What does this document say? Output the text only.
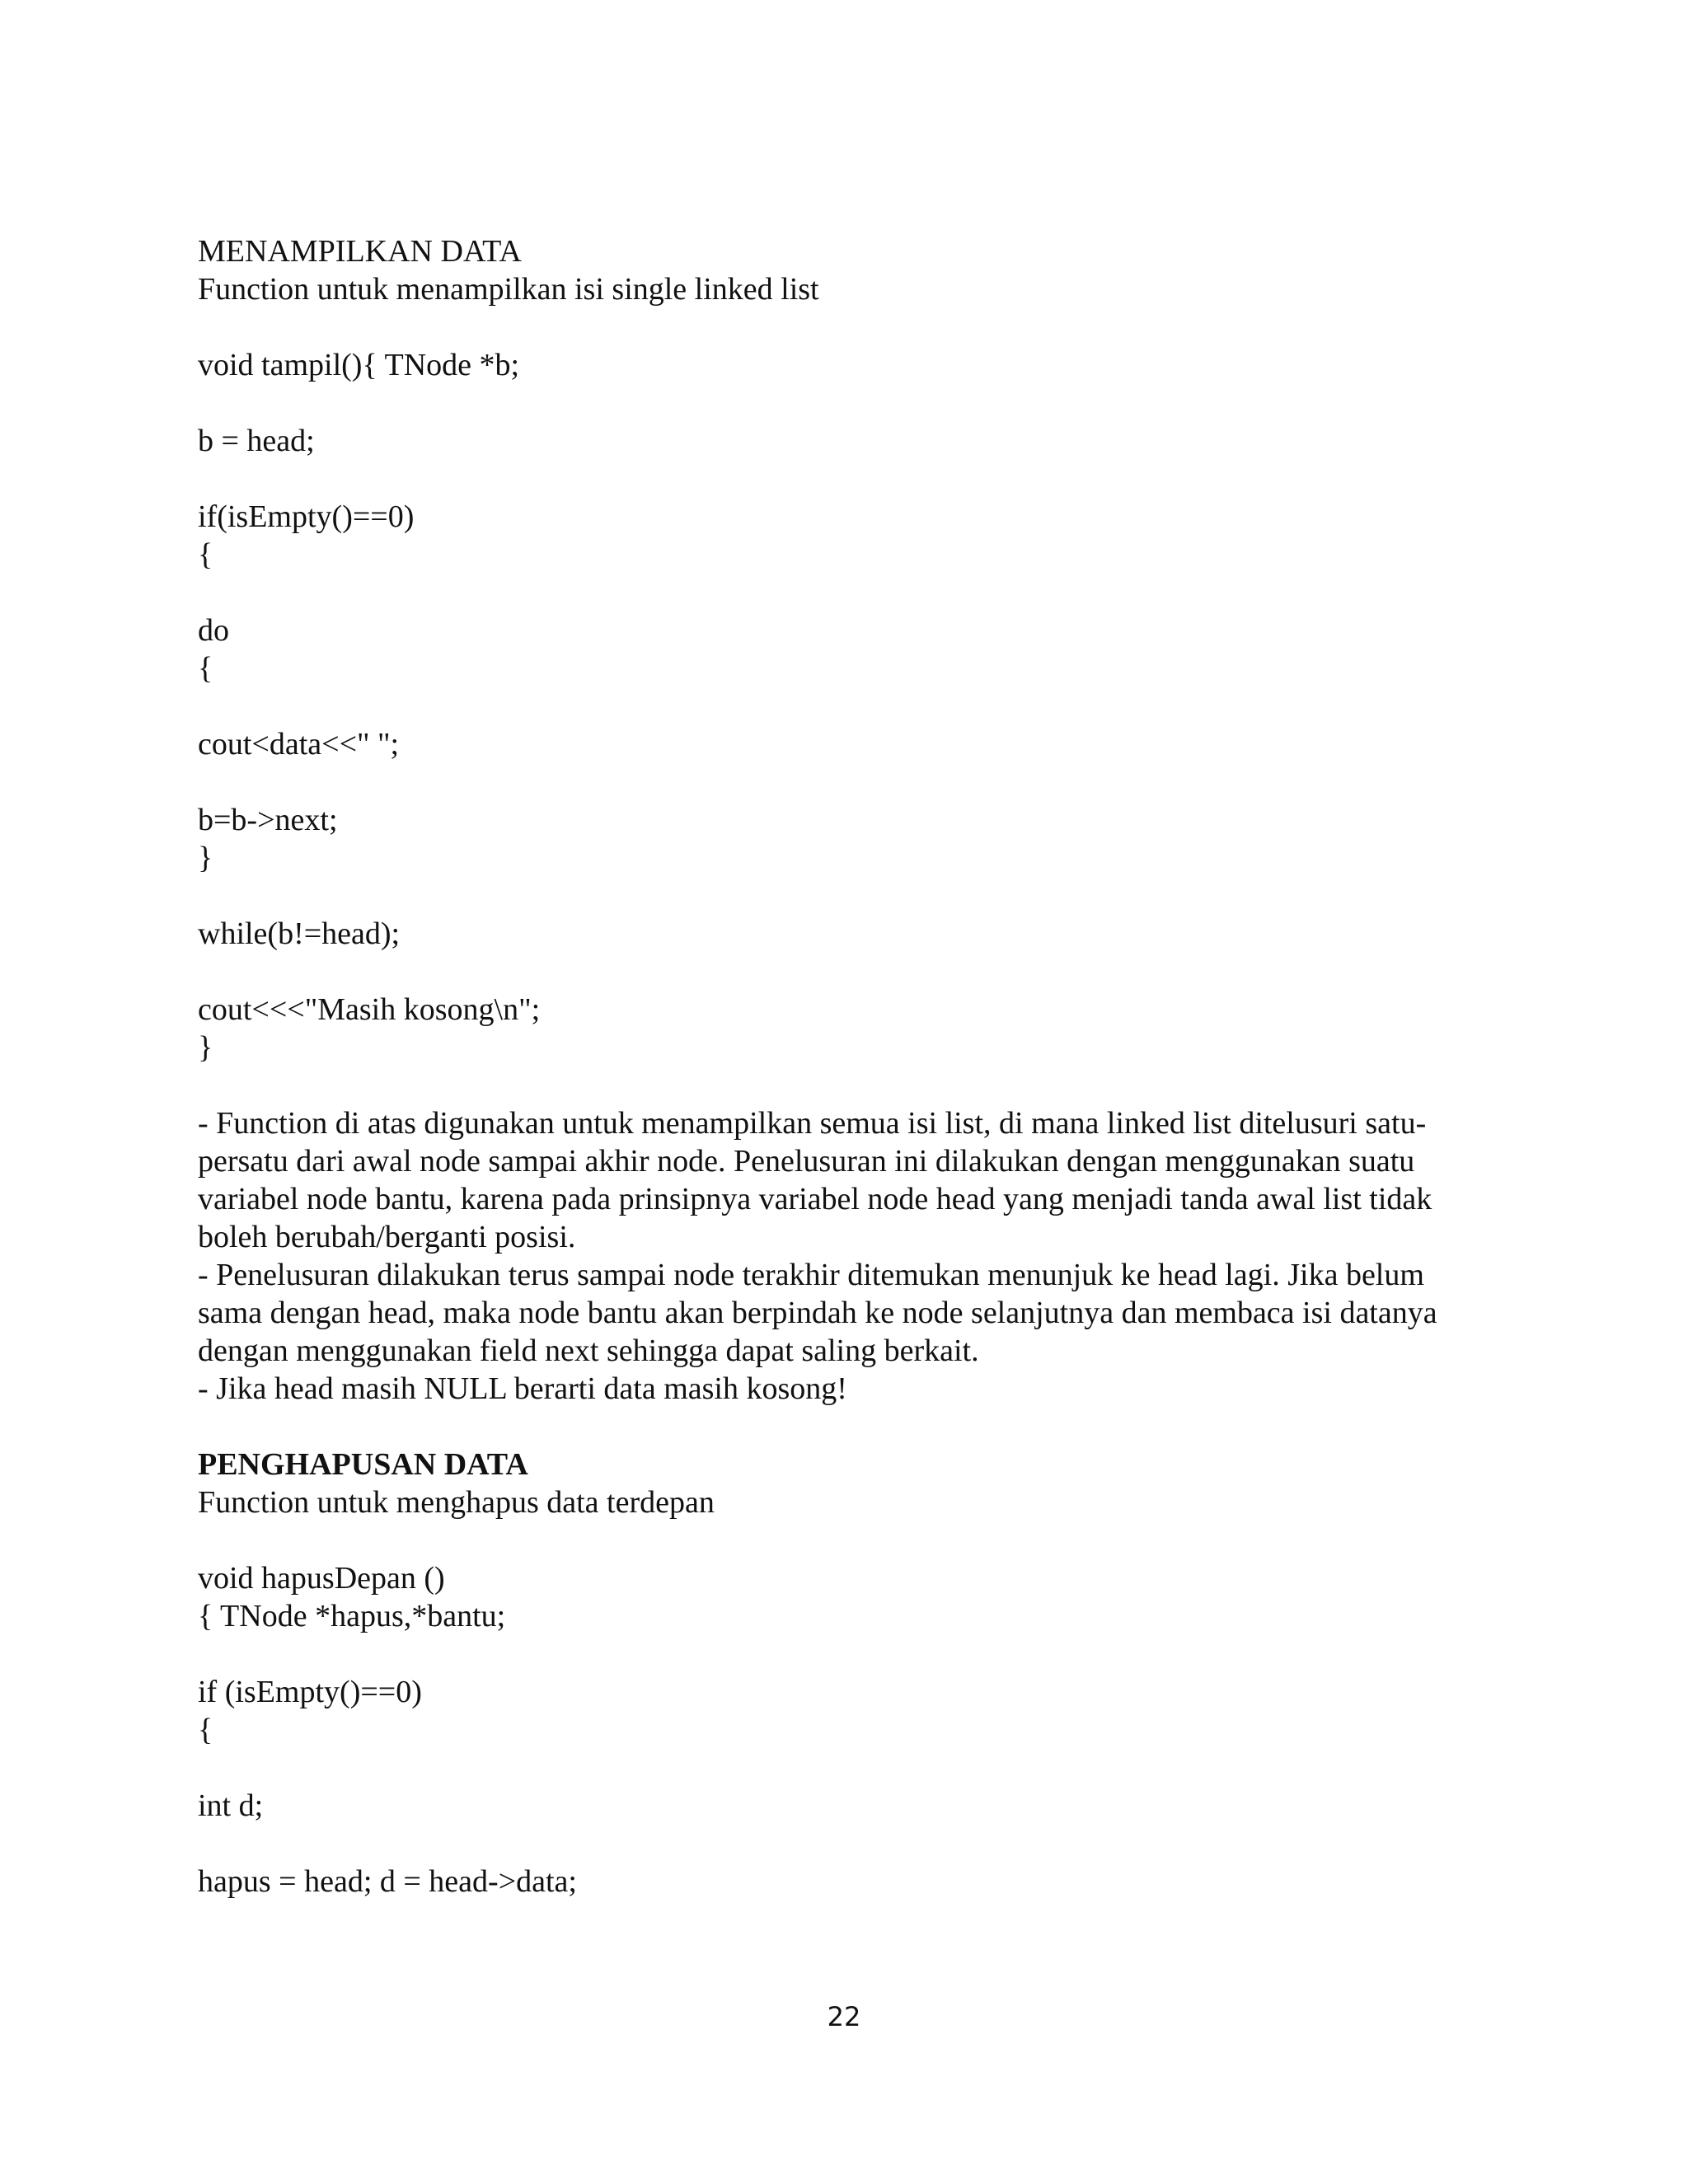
MENAMPILKAN DATA

Function untuk menampilkan isi single linked list

void tampil(){ TNode *b;

b = head;

if(isEmpty()==0)

{

do

{

cout<data<<" ";

b=b->next;

}

while(b!=head);

cout<<<"Masih kosong\n";

}

- Function di atas digunakan untuk menampilkan semua isi list, di mana linked list ditelusuri satu-

persatu dari awal node sampai akhir node. Penelusuran ini dilakukan dengan menggunakan suatu

variabel node bantu, karena pada prinsipnya variabel node head yang menjadi tanda awal list tidak

boleh berubah/berganti posisi.

- Penelusuran dilakukan terus sampai node terakhir ditemukan menunjuk ke head lagi. Jika belum

sama dengan head, maka node bantu akan berpindah ke node selanjutnya dan membaca isi datanya

dengan menggunakan field next sehingga dapat saling berkait.

- Jika head masih NULL berarti data masih kosong!

PENGHAPUSAN DATA

Function untuk menghapus data terdepan

void hapusDepan ()

{ TNode *hapus,*bantu;

if (isEmpty()==0)

{

int d;

hapus = head; d = head->data;

22
